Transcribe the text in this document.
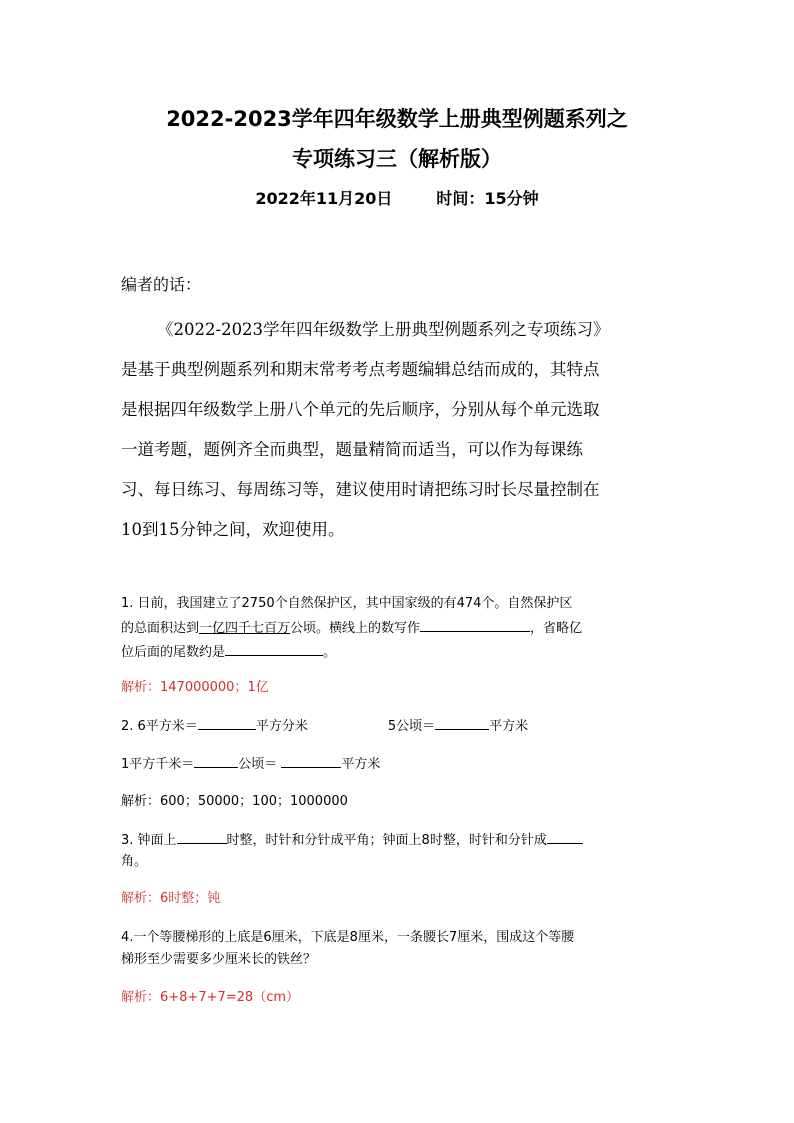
2022-2023学年四年级数学上册典型例题系列之
专项练习三（解析版）
2022年11月20日	时间：15分钟
编者的话：
《2022-2023学年四年级数学上册典型例题系列之专项练习》
是基于典型例题系列和期末常考考点考题编辑总结而成的，其特点
是根据四年级数学上册八个单元的先后顺序，分别从每个单元选取
一道考题，题例齐全而典型，题量精简而适当，可以作为每课练
习、每日练习、每周练习等，建议使用时请把练习时长尽量控制在
10到15分钟之间，欢迎使用。
1. 日前，我国建立了2750个自然保护区，其中国家级的有474个。自然保护区
的总面积达到一亿四千七百万公顷。横线上的数写作	，省略亿
位后面的尾数约是	。
解析：147000000；1亿
2. 6平方米＝	平方分米	5公顷＝	平方米
1平方千米＝	公顷＝	平方米
解析：600；50000；100；1000000
3. 钟面上	时整，时针和分针成平角；钟面上8时整，时针和分针成
角。
解析：6时整；钝
4.一个等腰梯形的上底是6厘米，下底是8厘米，一条腰长7厘米，围成这个等腰
梯形至少需要多少厘米长的铁丝？
解析：6+8+7+7=28（cm）
